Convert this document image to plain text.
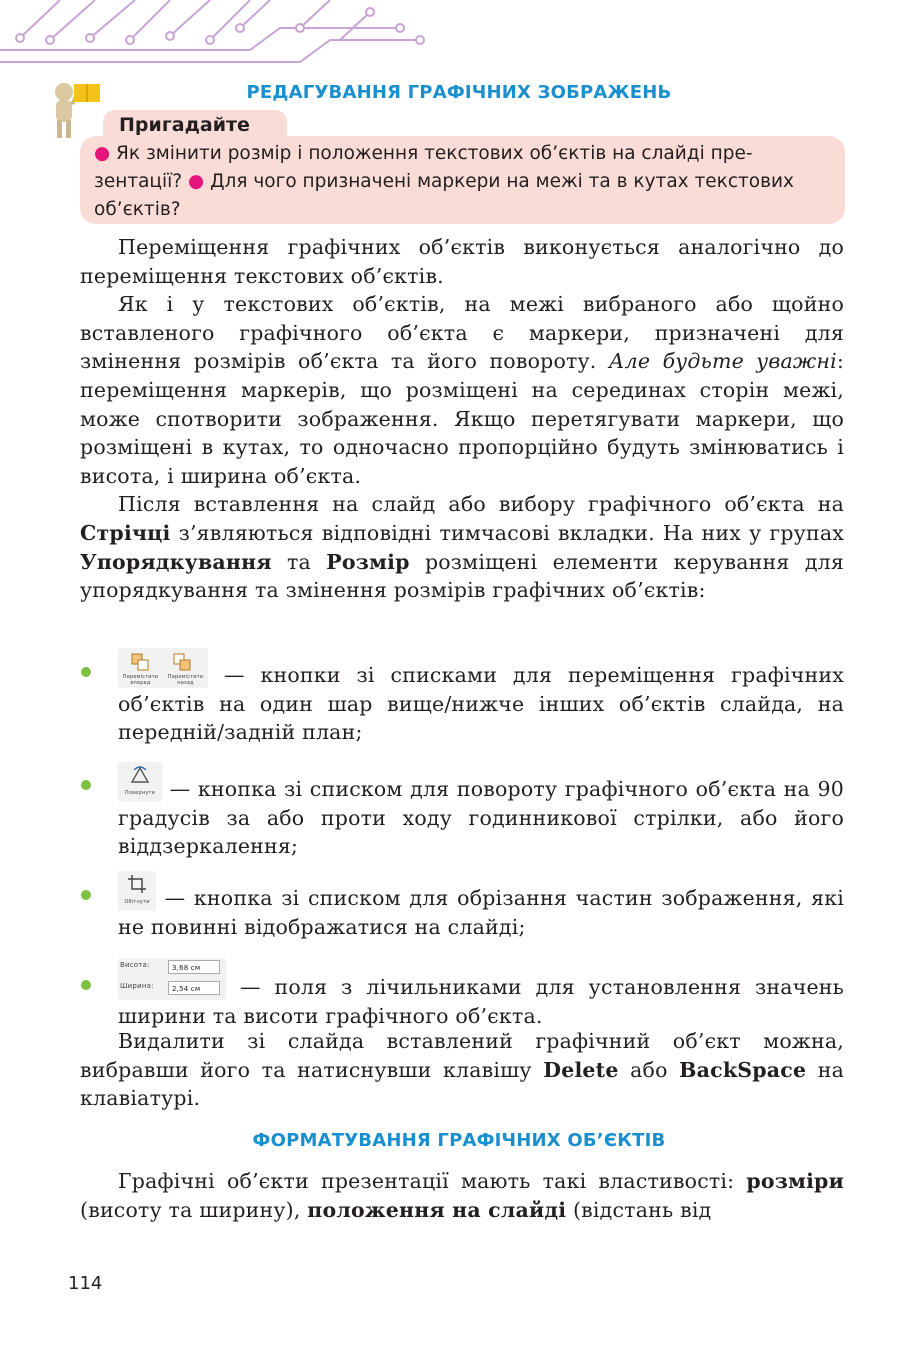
РЕДАГУВАННЯ ГРАФІЧНИХ ЗОБРАЖЕНЬ
Пригадайте
● Як змінити розмір і положення текстових об’єктів на слайді пре-зентації? ● Для чого призначені маркери на межі та в кутах текстових об’єктів?

Переміщення графічних об’єктів виконується аналогічно до переміщення текстових об’єктів.

Як і у текстових об’єктів, на межі вибраного або щойно вставленого графічного об’єкта є маркери, призначені для змінення розмірів об’єкта та його повороту. Але будьте уважні: переміщення маркерів, що розміщені на серединах сторін межі, може спотворити зображення. Якщо перетягувати маркери, що розміщені в кутах, то одночасно пропорційно будуть змінюватись і висота, і ширина об’єкта.

Після вставлення на слайд або вибору графічного об’єкта на Стрічці з’являються відповідні тимчасові вкладки. На них у групах Упорядкування та Розмір розміщені елементи керування для упорядкування та змінення розмірів графічних об’єктів:

Перемістити вперед
Перемістити назад	— кнопки зі списками для переміщення графічних об’єктів на один шар вище/нижче інших об’єктів слайда, на передній/задній план;
Повернути — кнопка зі списком для повороту графічного об’єкта на 90 градусів за або проти ходу годинникової стрілки, або його віддзеркалення;
Обітнути — кнопка зі списком для обрізання частин зображення, які не повинні відображатися на слайді;
Висота:	3,68 см
Ширина:	2,54 см	— поля з лічильниками для установлення значень ширини та висоти графічного об’єкта.

Видалити зі слайда вставлений графічний об’єкт можна, вибравши його та натиснувши клавішу Delete або BackSpace на клавіатурі.

ФОРМАТУВАННЯ ГРАФІЧНИХ ОБ’ЄКТІВ

Графічні об’єкти презентації мають такі властивості: розміри (висоту та ширину), положення на слайді (відстань від

114
